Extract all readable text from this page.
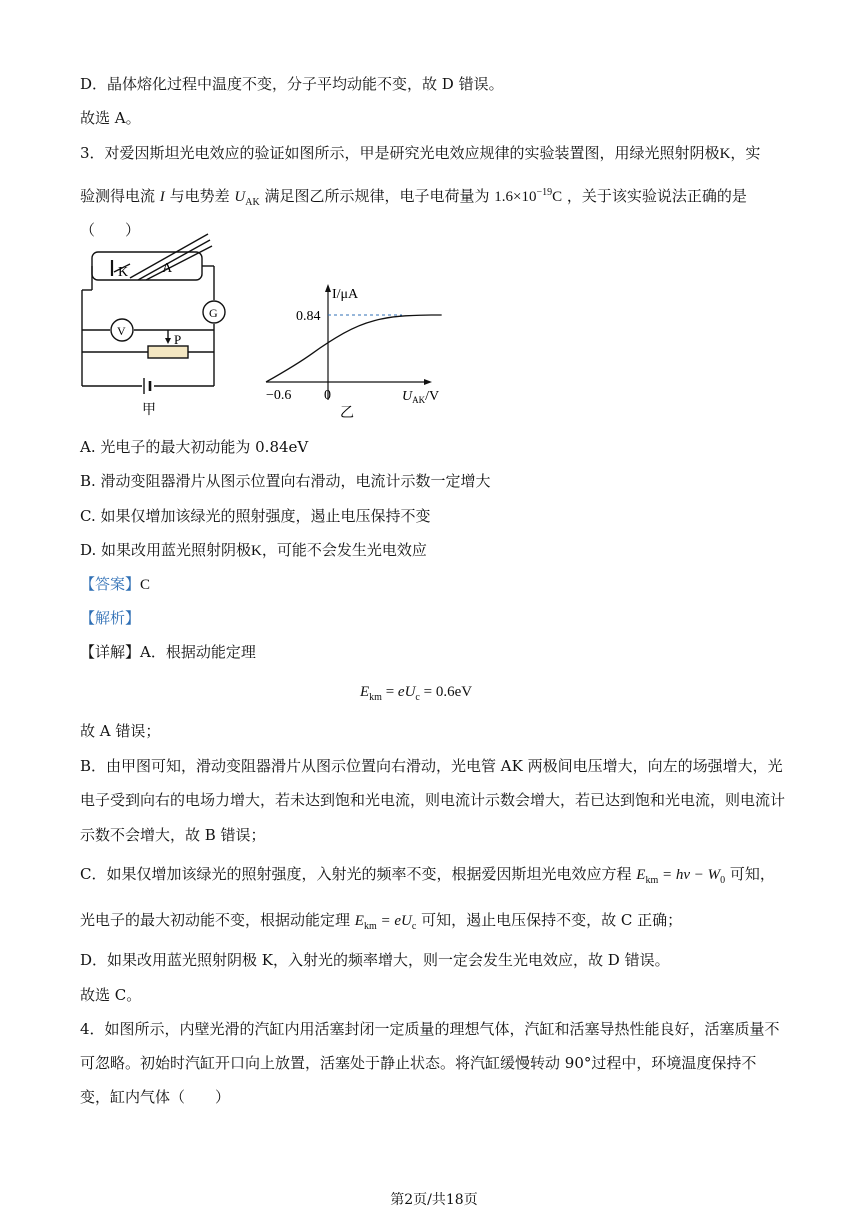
D．晶体熔化过程中温度不变，分子平均动能不变，故 D 错误。
故选 A。
3．对爱因斯坦光电效应的验证如图所示，甲是研究光电效应规律的实验装置图，用绿光照射阴极K，实
验测得电流 I 与电势差 $U_{AK}$ 满足图乙所示规律，电子电荷量为 $1.6\times 10^{-19}C$ ，关于该实验说法正确的是
（　　）
K A
G
V
P
甲
I/μA
0.84
0
−0.6	$U_{AK}/V$
乙
A. 光电子的最大初动能为 0.84eV
B. 滑动变阻器滑片从图示位置向右滑动，电流计示数一定增大
C. 如果仅增加该绿光的照射强度，遏止电压保持不变
D. 如果改用蓝光照射阴极K，可能不会发生光电效应
【答案】C
【解析】
【详解】A．根据动能定理
$E_{km} = eU_c = 0.6eV$
故 A 错误；
B．由甲图可知，滑动变阻器滑片从图示位置向右滑动，光电管 AK 两极间电压增大，向左的场强增大，光
电子受到向右的电场力增大，若未达到饱和光电流，则电流计示数会增大，若已达到饱和光电流，则电流计
示数不会增大，故 B 错误；
C．如果仅增加该绿光的照射强度，入射光的频率不变，根据爱因斯坦光电效应方程 $E_{km} = h\nu - W_0$ 可知，
光电子的最大初动能不变，根据动能定理 $E_{km} = eU_c$ 可知，遏止电压保持不变，故 C 正确；
D．如果改用蓝光照射阴极 K，入射光的频率增大，则一定会发生光电效应，故 D 错误。
故选 C。
4．如图所示，内壁光滑的汽缸内用活塞封闭一定质量的理想气体，汽缸和活塞导热性能良好，活塞质量不
可忽略。初始时汽缸开口向上放置，活塞处于静止状态。将汽缸缓慢转动 90°过程中，环境温度保持不
变，缸内气体（　　）
第2页/共18页
